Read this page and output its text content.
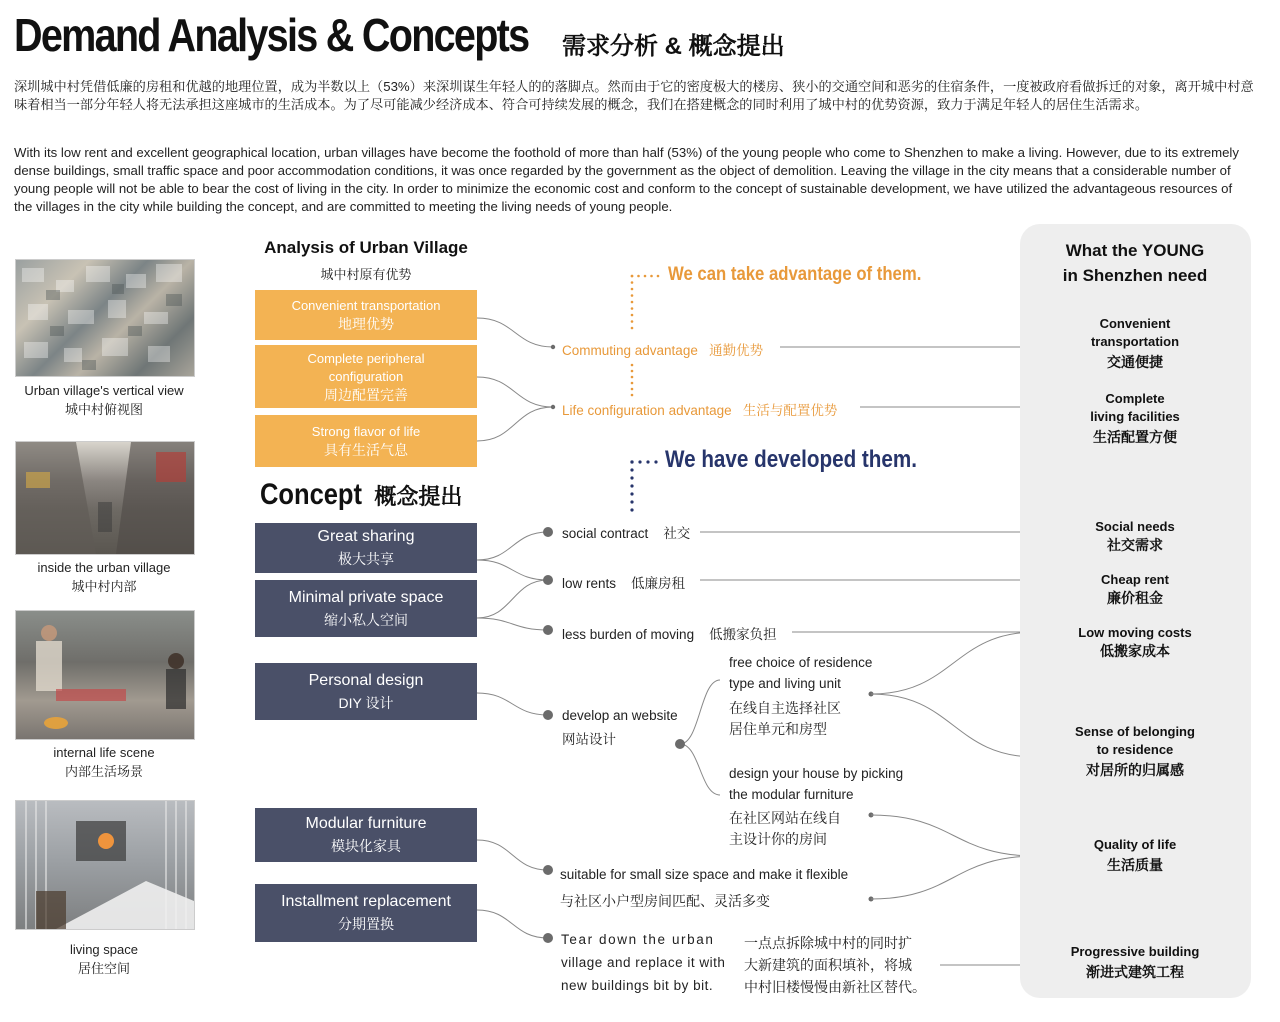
Demand Analysis & Concepts 需求分析 & 概念提出
深圳城中村凭借低廉的房租和优越的地理位置，成为半数以上（53%）来深圳谋生年轻人的的落脚点。然而由于它的密度极大的楼房、狭小的交通空间和恶劣的住宿条件，一度被政府看做拆迁的对象，离开城中村意味着相当一部分年轻人将无法承担这座城市的生活成本。为了尽可能减少经济成本、符合可持续发展的概念，我们在搭建概念的同时利用了城中村的优势资源，致力于满足年轻人的居住生活需求。
With its low rent and excellent geographical location, urban villages have become the foothold of more than half (53%) of the young people who come to Shenzhen to make a living. However, due to its extremely dense buildings, small traffic space and poor accommodation conditions, it was once regarded by the government as the object of demolition. Leaving the village in the city means that a considerable number of young people will not be able to bear the cost of living in the city. In order to minimize the economic cost and conform to the concept of sustainable development, we have utilized the advantageous resources of the villages in the city while building the concept, and are committed to meeting the living needs of young people.
Urban village's vertical view
城中村俯视图
inside the urban village
城中村内部
internal life scene
内部生活场景
living space
居住空间
Analysis of Urban Village
城中村原有优势
Convenient transportation
地理优势
Complete peripheral configuration
周边配置完善
Strong flavor of life
具有生活气息
Concept 概念提出
Great sharing
极大共享
Minimal private space
缩小私人空间
Personal design
DIY 设计
Modular furniture
模块化家具
Installment replacement
分期置换
We can take advantage of them.
We have developed them.
Commuting advantage 通勤优势
Life configuration advantage 生活与配置优势
social contract 社交
low rents 低廉房租
less burden of moving 低搬家负担
develop an website
网站设计
free choice of residence
type and living unit
在线自主选择社区
居住单元和房型
design your house by picking
the modular furniture
在社区网站在线自
主设计你的房间
suitable for small size space and make it flexible
与社区小户型房间匹配、灵活多变
Tear down the urban
village and replace it with
new buildings bit by bit.
一点点拆除城中村的同时扩
大新建筑的面积填补，将城
中村旧楼慢慢由新社区替代。
What the YOUNG
in Shenzhen need
Convenient
transportation
交通便捷
Complete
living facilities
生活配置方便
Social needs
社交需求
Cheap rent
廉价租金
Low moving costs
低搬家成本
Sense of belonging
to residence
对居所的归属感
Quality of life
生活质量
Progressive building
渐进式建筑工程
